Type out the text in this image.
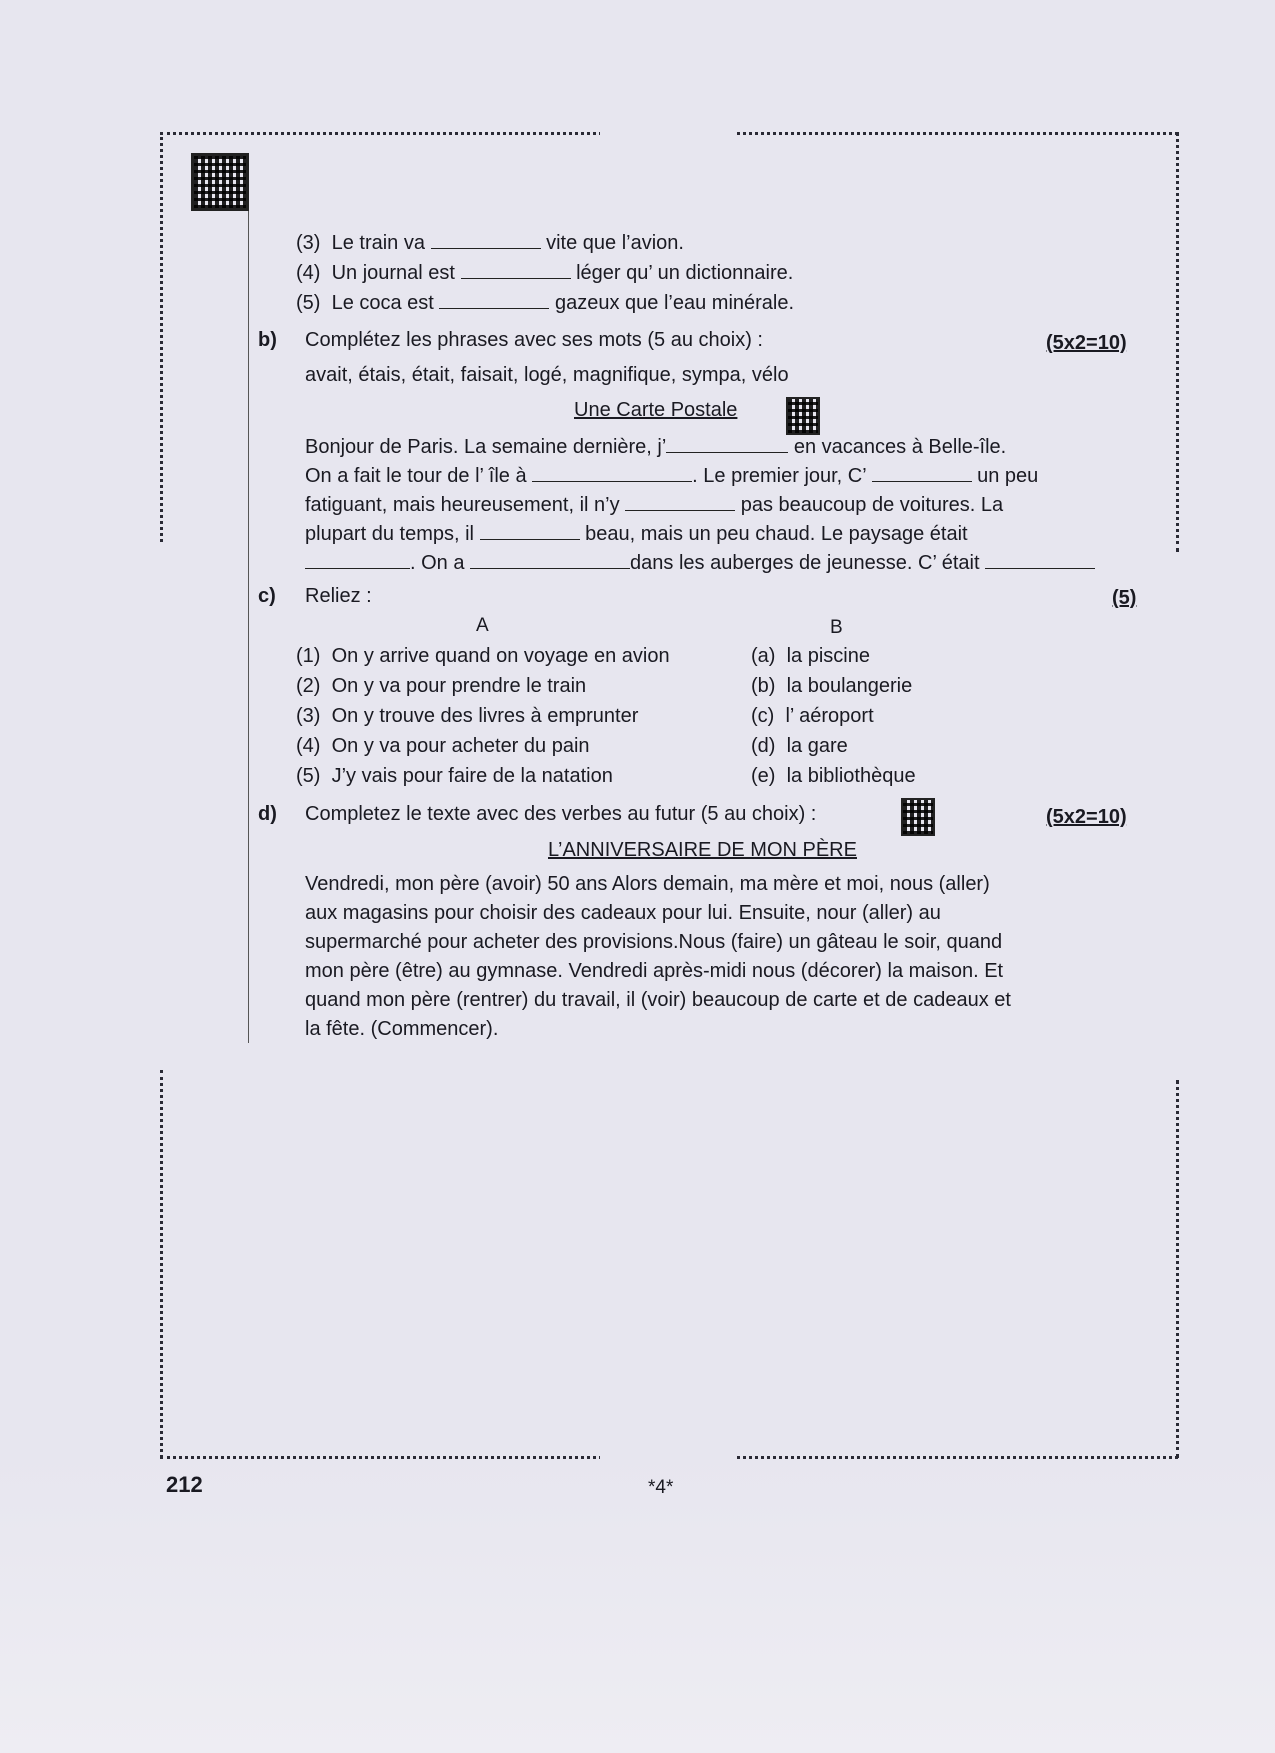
(3) Le train va	vite que l’avion.
(4) Un journal est	léger qu’ un dictionnaire.
(5) Le coca est	gazeux que l’eau minérale.
b) Complétez les phrases avec ses mots (5 au choix) :	(5x2=10)
avait, étais, était, faisait, logé, magnifique, sympa, vélo
Une Carte Postale
Bonjour de Paris. La semaine dernière, j’	en vacances à Belle-île.
On a fait le tour de l’ île à	. Le premier jour, C’	un peu
fatiguant, mais heureusement, il n’y	pas beaucoup de voitures. La
plupart du temps, il	beau, mais un peu chaud. Le paysage était
. On a	dans les auberges de jeunesse. C’ était
c) Reliez :	(5)
A	B
(1) On y arrive quand on voyage en avion	(a) la piscine
(2) On y va pour prendre le train	(b) la boulangerie
(3) On y trouve des livres à emprunter	(c) l’ aéroport
(4) On y va pour acheter du pain	(d) la gare
(5) J’y vais pour faire de la natation	(e) la bibliothèque
d) Completez le texte avec des verbes au futur (5 au choix) :	(5x2=10)
L’ANNIVERSAIRE DE MON PÈRE
Vendredi, mon père (avoir) 50 ans Alors demain, ma mère et moi, nous (aller)
aux magasins pour choisir des cadeaux pour lui. Ensuite, nour (aller) au
supermarché pour acheter des provisions.Nous (faire) un gâteau le soir, quand
mon père (être) au gymnase. Vendredi après-midi nous (décorer) la maison. Et
quand mon père (rentrer) du travail, il (voir) beaucoup de carte et de cadeaux et
la fête. (Commencer).
212	*4*
